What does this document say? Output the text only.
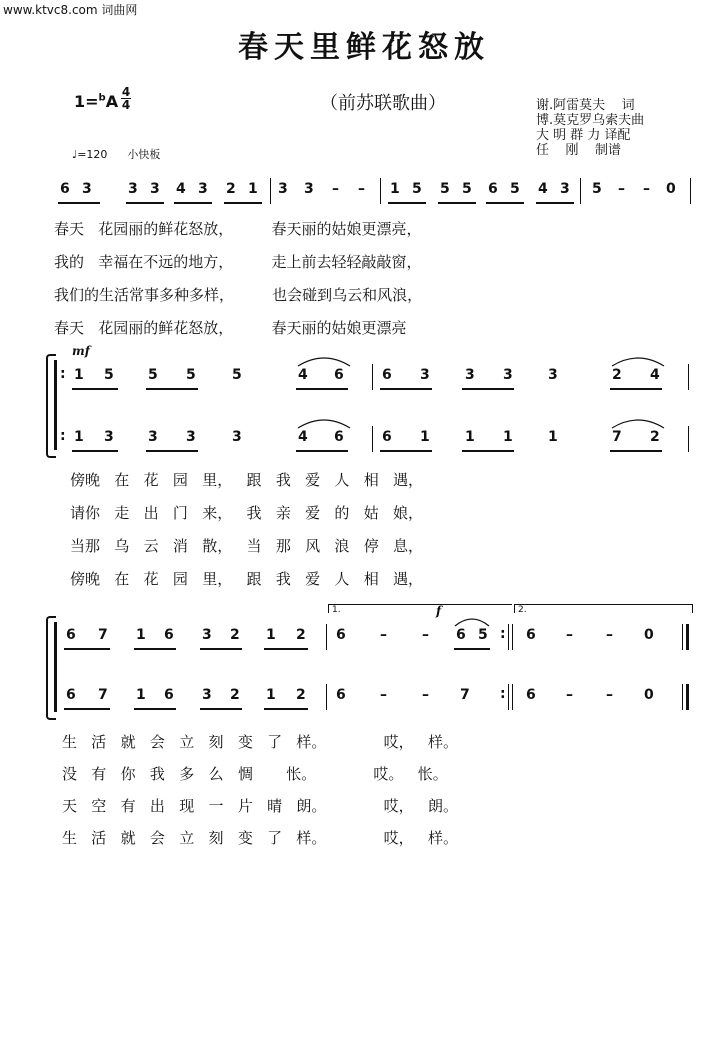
www.ktvc8.com 词曲网
春天里鲜花怒放
（前苏联歌曲）	谢.阿雷莫夫    词
博.莫克罗乌索夫曲
大 明 群 力 译配
任    刚    制谱
1=$^b$A 4
4
♩=120 小快板
6 3	3 3 4 3 2 1 3 3 – – 1 5 5 5 6 5 4 3 5 – – 0
春天   花园丽的鲜花怒放，        春天丽的姑娘更漂亮，
我的   幸福在不远的地方，        走上前去轻轻敲敲窗，
我们的生活常事多种多样，        也会碰到乌云和风浪，
春天   花园丽的鲜花怒放，        春天丽的姑娘更漂亮
mf
:
:
1 5 5 5	5	4 6	6 3	3 3	3	2 4
1 3 3 3	3	4 6	6 1	1 1	1	7 2
傍晚   在   花   园   里，   跟   我   爱   人   相   遇，
请你   走   出   门   来，   我   亲   爱   的   姑   娘，
当那   乌   云   消   散，   当   那   风   浪   停   息，
傍晚   在   花   园   里，   跟   我   爱   人   相   遇，
1.	2.
f
:
:
6 7 1 6 3 2 1 2 6 –	– 6 5	6 – – 0
6 7 1 6 3 2 1 2 6 –	– 7	6 – – 0
生   活   就   会   立   刻   变   了   样。            哎，   样。
没   有   你   我   多   么   惆       怅。            哎。   怅。
天   空   有   出   现   一   片   晴   朗。            哎，   朗。
生   活   就   会   立   刻   变   了   样。            哎，   样。
